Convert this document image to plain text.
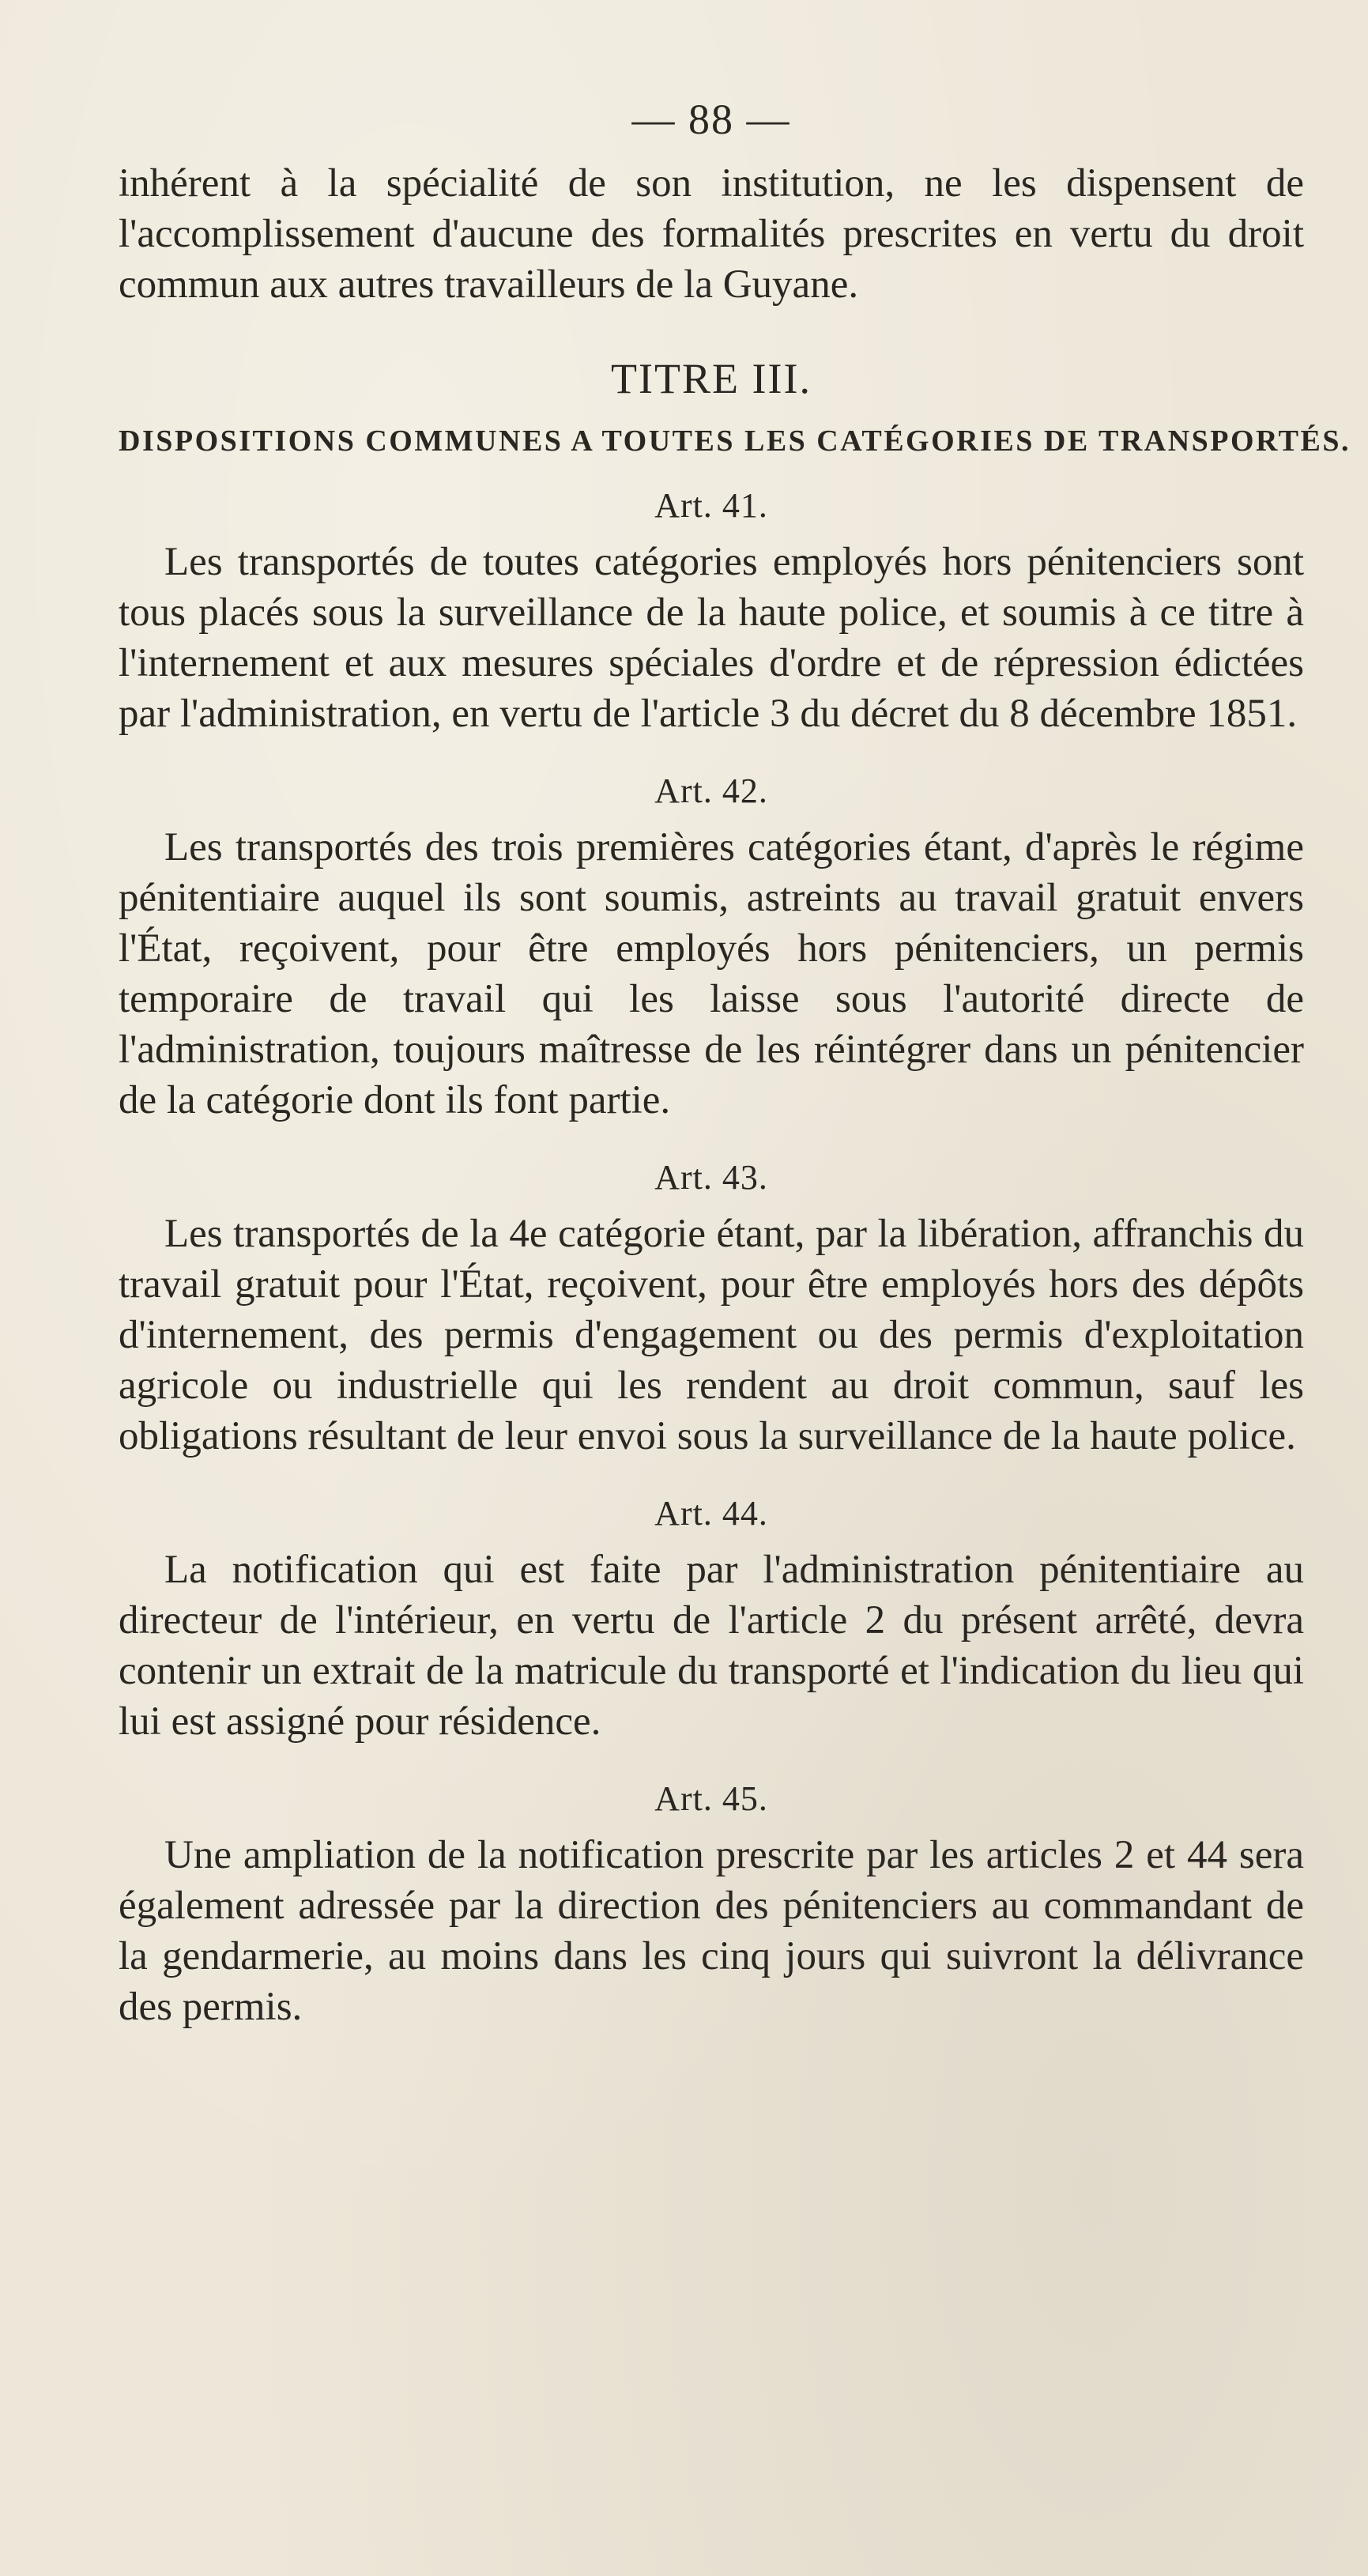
— 88 —

inhérent à la spécialité de son institution, ne les dispensent de l'accomplissement d'aucune des formalités prescrites en vertu du droit commun aux autres travailleurs de la Guyane.

TITRE III.
DISPOSITIONS COMMUNES A TOUTES LES CATÉGORIES DE TRANSPORTÉS.
Art. 41.

Les transportés de toutes catégories employés hors pénitenciers sont tous placés sous la surveillance de la haute police, et soumis à ce titre à l'internement et aux mesures spéciales d'ordre et de répression édictées par l'administration, en vertu de l'article 3 du décret du 8 décembre 1851.

Art. 42.

Les transportés des trois premières catégories étant, d'après le régime pénitentiaire auquel ils sont soumis, astreints au travail gratuit envers l'État, reçoivent, pour être employés hors pénitenciers, un permis temporaire de travail qui les laisse sous l'autorité directe de l'administration, toujours maîtresse de les réintégrer dans un pénitencier de la catégorie dont ils font partie.

Art. 43.

Les transportés de la 4e catégorie étant, par la libération, affranchis du travail gratuit pour l'État, reçoivent, pour être employés hors des dépôts d'internement, des permis d'engagement ou des permis d'exploitation agricole ou industrielle qui les rendent au droit commun, sauf les obligations résultant de leur envoi sous la surveillance de la haute police.

Art. 44.

La notification qui est faite par l'administration pénitentiaire au directeur de l'intérieur, en vertu de l'article 2 du présent arrêté, devra contenir un extrait de la matricule du transporté et l'indication du lieu qui lui est assigné pour résidence.

Art. 45.

Une ampliation de la notification prescrite par les articles 2 et 44 sera également adressée par la direction des pénitenciers au commandant de la gendarmerie, au moins dans les cinq jours qui suivront la délivrance des permis.
